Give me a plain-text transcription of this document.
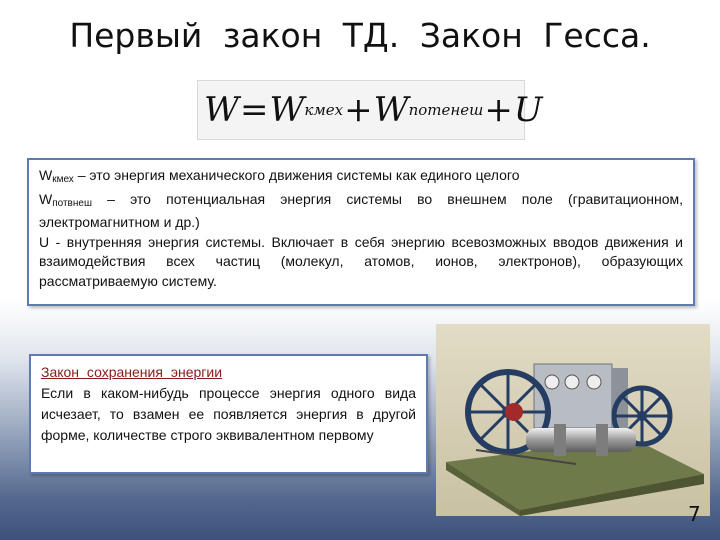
Первый закон ТД. Закон Гесса.
W = W кмех + W потенеш + U

Wкмех – это энергия механического движения системы как единого целого

Wпотвнеш – это потенциальная энергия системы во внешнем поле (гравитационном, электромагнитном и др.)

U - внутренняя энергия системы. Включает в себя энергию всевозможных вводов движения и взаимодействия всех частиц (молекул, атомов, ионов, электронов), образующих рассматриваемую систему.

Закон сохранения энергии
Если в каком-нибудь процессе энергия одного вида исчезает, то взамен ее появляется энергия в другой форме, количестве строго эквивалентном первому
7
